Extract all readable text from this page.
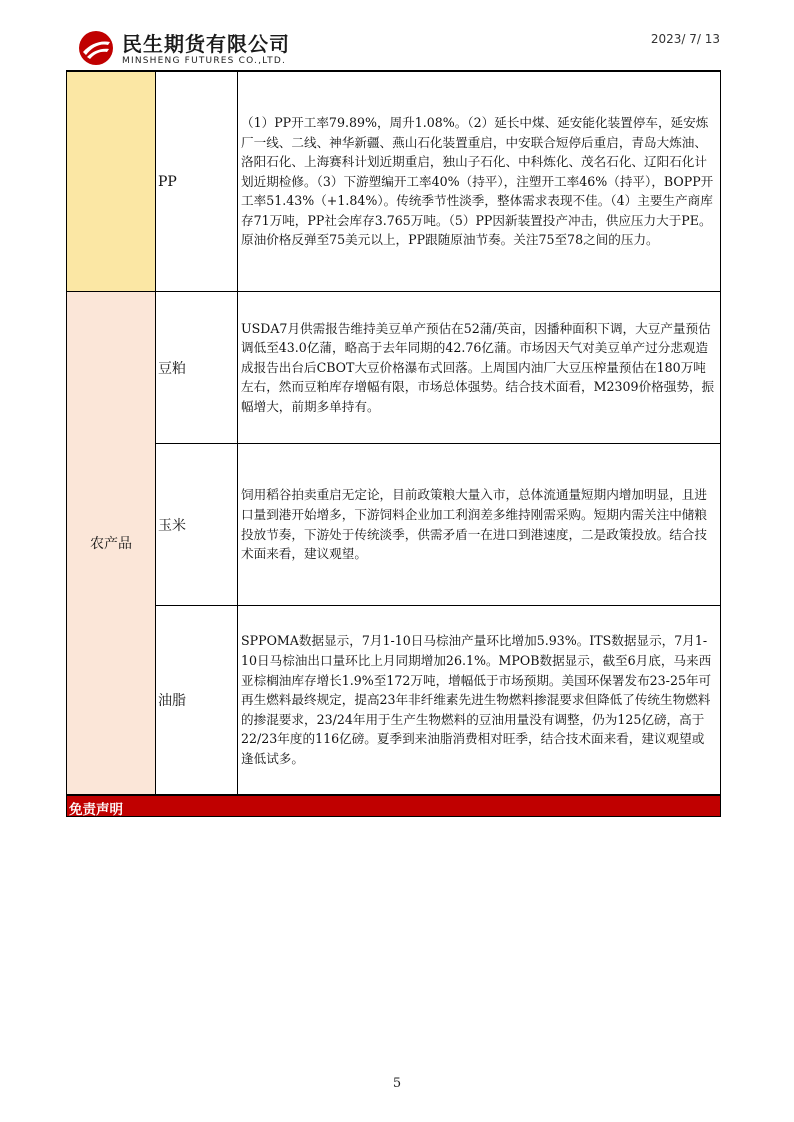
民生期货有限公司
MINSHENG FUTURES CO.,LTD.
2023/ 7/ 13
	PP	（1）PP开工率79.89%，周升1.08%。（2）延长中煤、延安能化装置停车，延安炼厂一线、二线、神华新疆、燕山石化装置重启，中安联合短停后重启，青岛大炼油、洛阳石化、上海赛科计划近期重启，独山子石化、中科炼化、茂名石化、辽阳石化计划近期检修。（3）下游塑编开工率40%（持平），注塑开工率46%（持平），BOPP开工率51.43%（+1.84%）。传统季节性淡季，整体需求表现不佳。（4）主要生产商库存71万吨，PP社会库存3.765万吨。（5）PP因新装置投产冲击，供应压力大于PE。原油价格反弹至75美元以上，PP跟随原油节奏。关注75至78之间的压力。
农产品	豆粕	USDA7月供需报告维持美豆单产预估在52蒲/英亩，因播种面积下调，大豆产量预估调低至43.0亿蒲，略高于去年同期的42.76亿蒲。市场因天气对美豆单产过分悲观造成报告出台后CBOT大豆价格瀑布式回落。上周国内油厂大豆压榨量预估在180万吨左右，然而豆粕库存增幅有限，市场总体强势。结合技术面看，M2309价格强势，振幅增大，前期多单持有。
	玉米	饲用稻谷拍卖重启无定论，目前政策粮大量入市，总体流通量短期内增加明显，且进口量到港开始增多，下游饲料企业加工利润差多维持刚需采购。短期内需关注中储粮投放节奏，下游处于传统淡季，供需矛盾一在进口到港速度，二是政策投放。结合技术面来看，建议观望。
	油脂	SPPOMA数据显示，7月1-10日马棕油产量环比增加5.93%。ITS数据显示，7月1-10日马棕油出口量环比上月同期增加26.1%。MPOB数据显示，截至6月底，马来西亚棕榈油库存增长1.9%至172万吨，增幅低于市场预期。美国环保署发布23-25年可再生燃料最终规定，提高23年非纤维素先进生物燃料掺混要求但降低了传统生物燃料的掺混要求，23/24年用于生产生物燃料的豆油用量没有调整，仍为125亿磅，高于22/23年度的116亿磅。夏季到来油脂消费相对旺季，结合技术面来看，建议观望或逢低试多。
免责声明
5
